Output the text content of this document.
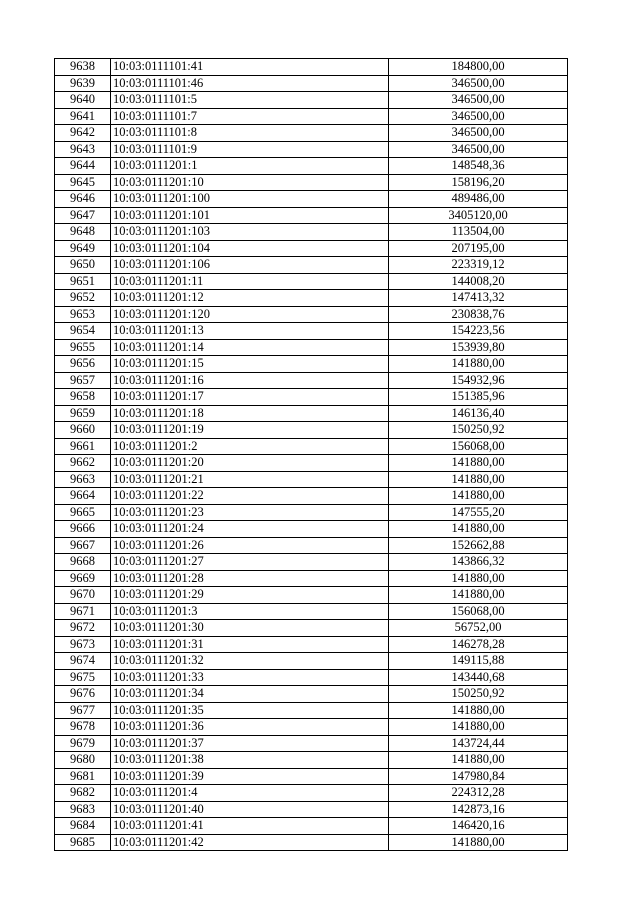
9638	10:03:0111101:41	184800,00
9639	10:03:0111101:46	346500,00
9640	10:03:0111101:5	346500,00
9641	10:03:0111101:7	346500,00
9642	10:03:0111101:8	346500,00
9643	10:03:0111101:9	346500,00
9644	10:03:0111201:1	148548,36
9645	10:03:0111201:10	158196,20
9646	10:03:0111201:100	489486,00
9647	10:03:0111201:101	3405120,00
9648	10:03:0111201:103	113504,00
9649	10:03:0111201:104	207195,00
9650	10:03:0111201:106	223319,12
9651	10:03:0111201:11	144008,20
9652	10:03:0111201:12	147413,32
9653	10:03:0111201:120	230838,76
9654	10:03:0111201:13	154223,56
9655	10:03:0111201:14	153939,80
9656	10:03:0111201:15	141880,00
9657	10:03:0111201:16	154932,96
9658	10:03:0111201:17	151385,96
9659	10:03:0111201:18	146136,40
9660	10:03:0111201:19	150250,92
9661	10:03:0111201:2	156068,00
9662	10:03:0111201:20	141880,00
9663	10:03:0111201:21	141880,00
9664	10:03:0111201:22	141880,00
9665	10:03:0111201:23	147555,20
9666	10:03:0111201:24	141880,00
9667	10:03:0111201:26	152662,88
9668	10:03:0111201:27	143866,32
9669	10:03:0111201:28	141880,00
9670	10:03:0111201:29	141880,00
9671	10:03:0111201:3	156068,00
9672	10:03:0111201:30	56752,00
9673	10:03:0111201:31	146278,28
9674	10:03:0111201:32	149115,88
9675	10:03:0111201:33	143440,68
9676	10:03:0111201:34	150250,92
9677	10:03:0111201:35	141880,00
9678	10:03:0111201:36	141880,00
9679	10:03:0111201:37	143724,44
9680	10:03:0111201:38	141880,00
9681	10:03:0111201:39	147980,84
9682	10:03:0111201:4	224312,28
9683	10:03:0111201:40	142873,16
9684	10:03:0111201:41	146420,16
9685	10:03:0111201:42	141880,00
